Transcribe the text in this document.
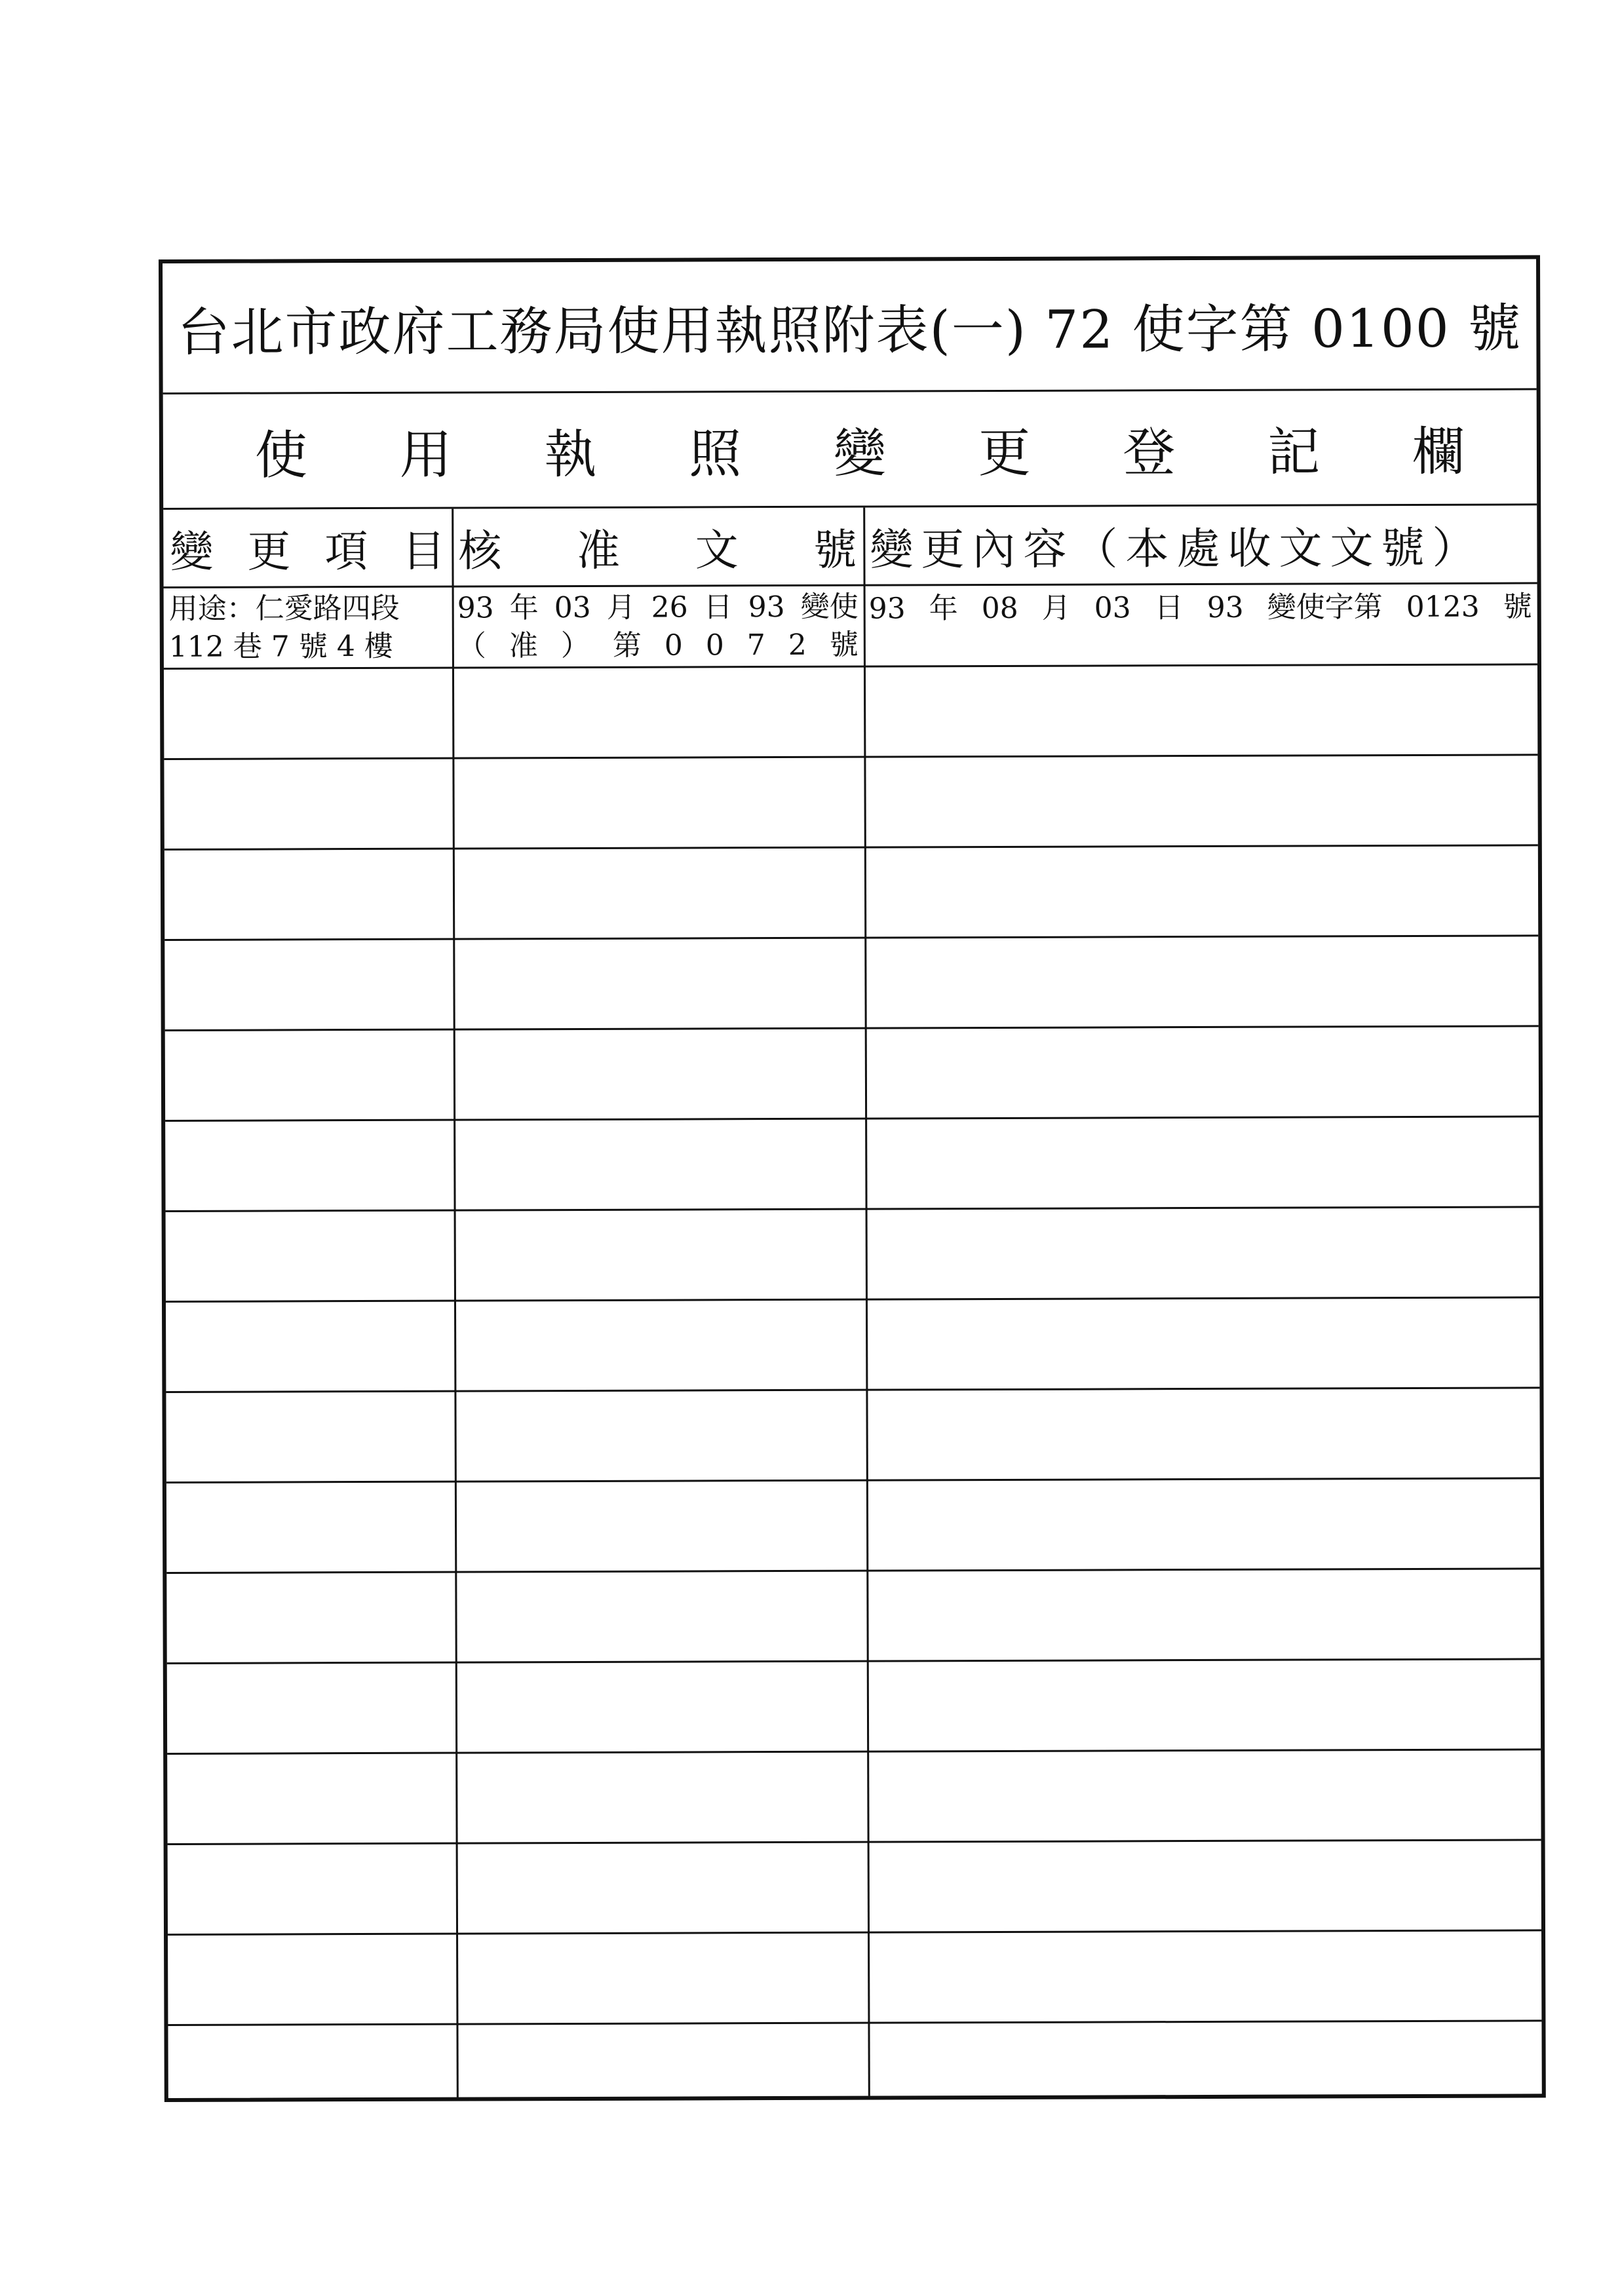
台北市政府工務局使用執照附表(一) 72 使字第 0100 號
使 用 執 照 變 更 登 記 欄
變 更 項 目 核 准 文 號 變更內容（本處收文文號）
用途：仁愛路四段
112 巷 7 號 4 樓
93 年 03 月 26 日 93 變使
（ 准 ） 第 0 0 7 2 號
93 年 08 月 03 日 93 變使字第 0123 號
